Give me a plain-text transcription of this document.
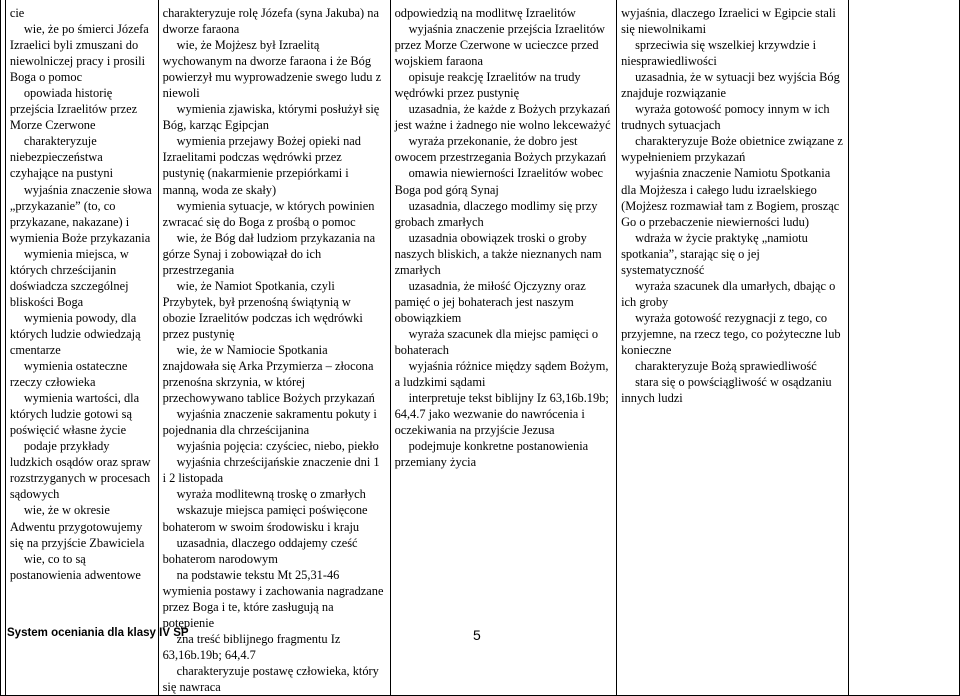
cie
wie, że po śmierci Józefa Izraelici byli zmuszani do niewolniczej pracy i prosili Boga o pomoc
opowiada historię przejścia Izraelitów przez Morze Czerwone
charakteryzuje niebezpieczeństwa czyhające na pustyni
wyjaśnia znaczenie słowa „przykazanie” (to, co przykazane, nakazane) i wymienia Boże przykazania
wymienia miejsca, w których chrześcijanin doświadcza szczególnej bliskości Boga
wymienia powody, dla których ludzie odwiedzają cmentarze
wymienia ostateczne rzeczy człowieka
wymienia wartości, dla których ludzie gotowi są poświęcić własne życie
podaje przykłady ludzkich osądów oraz spraw rozstrzyganych w procesach sądowych
wie, że w okresie Adwentu przygotowujemy się na przyjście Zbawiciela
wie, co to są postanowienia adwentowe

charakteryzuje rolę Józefa (syna Jakuba) na dworze faraona
wie, że Mojżesz był Izraelitą wychowanym na dworze faraona i że Bóg powierzył mu wyprowadzenie swego ludu z niewoli
wymienia zjawiska, którymi posłużył się Bóg, karząc Egipcjan
wymienia przejawy Bożej opieki nad Izraelitami podczas wędrówki przez pustynię (nakarmienie przepiórkami i manną, woda ze skały)
wymienia sytuacje, w których powinien zwracać się do Boga z prośbą o pomoc
wie, że Bóg dał ludziom przykazania na górze Synaj i zobowiązał do ich przestrzegania
wie, że Namiot Spotkania, czyli Przybytek, był przenośną świątynią w obozie Izraelitów podczas ich wędrówki przez pustynię
wie, że w Namiocie Spotkania znajdowała się Arka Przymierza – złocona przenośna skrzynia, w której przechowywano tablice Bożych przykazań
wyjaśnia znaczenie sakramentu pokuty i pojednania dla chrześcijanina
wyjaśnia pojęcia: czyściec, niebo, piekło
wyjaśnia chrześcijańskie znaczenie dni 1 i 2 listopada
wyraża modlitewną troskę o zmarłych
wskazuje miejsca pamięci poświęcone bohaterom w swoim środowisku i kraju
uzasadnia, dlaczego oddajemy cześć bohaterom narodowym
na podstawie tekstu Mt 25,31-46 wymienia postawy i zachowania nagradzane przez Boga i te, które zasługują na potępienie
zna treść biblijnego fragmentu Iz 63,16b.19b; 64,4.7
charakteryzuje postawę człowieka, który się nawraca

odpowiedzią na modlitwę Izraelitów
wyjaśnia znaczenie przejścia Izraelitów przez Morze Czerwone w ucieczce przed wojskiem faraona
opisuje reakcję Izraelitów na trudy wędrówki przez pustynię
uzasadnia, że każde z Bożych przykazań jest ważne i żadnego nie wolno lekceważyć
wyraża przekonanie, że dobro jest owocem przestrzegania Bożych przykazań
omawia niewierności Izraelitów wobec Boga pod górą Synaj
uzasadnia, dlaczego modlimy się przy grobach zmarłych
uzasadnia obowiązek troski o groby naszych bliskich, a także nieznanych nam zmarłych
uzasadnia, że miłość Ojczyzny oraz pamięć o jej bohaterach jest naszym obowiązkiem
wyraża szacunek dla miejsc pamięci o bohaterach
wyjaśnia różnice między sądem Bożym, a ludzkimi sądami
interpretuje tekst biblijny Iz 63,16b.19b; 64,4.7 jako wezwanie do nawrócenia i oczekiwania na przyjście Jezusa
podejmuje konkretne postanowienia przemiany życia

wyjaśnia, dlaczego Izraelici w Egipcie stali się niewolnikami
sprzeciwia się wszelkiej krzywdzie i niesprawiedliwości
uzasadnia, że w sytuacji bez wyjścia Bóg znajduje rozwiązanie
wyraża gotowość pomocy innym w ich trudnych sytuacjach
charakteryzuje Boże obietnice związane z wypełnieniem przykazań
wyjaśnia znaczenie Namiotu Spotkania dla Mojżesza i całego ludu izraelskiego (Mojżesz rozmawiał tam z Bogiem, prosząc Go o przebaczenie niewierności ludu)
wdraża w życie praktykę „namiotu spotkania”, starając się o jej systematyczność
wyraża szacunek dla umarłych, dbając o ich groby
wyraża gotowość rezygnacji z tego, co przyjemne, na rzecz tego, co pożyteczne lub konieczne
charakteryzuje Bożą sprawiedliwość
stara się o powściągliwość w osądzaniu innych ludzi

System oceniania dla klasy IV SP	5
